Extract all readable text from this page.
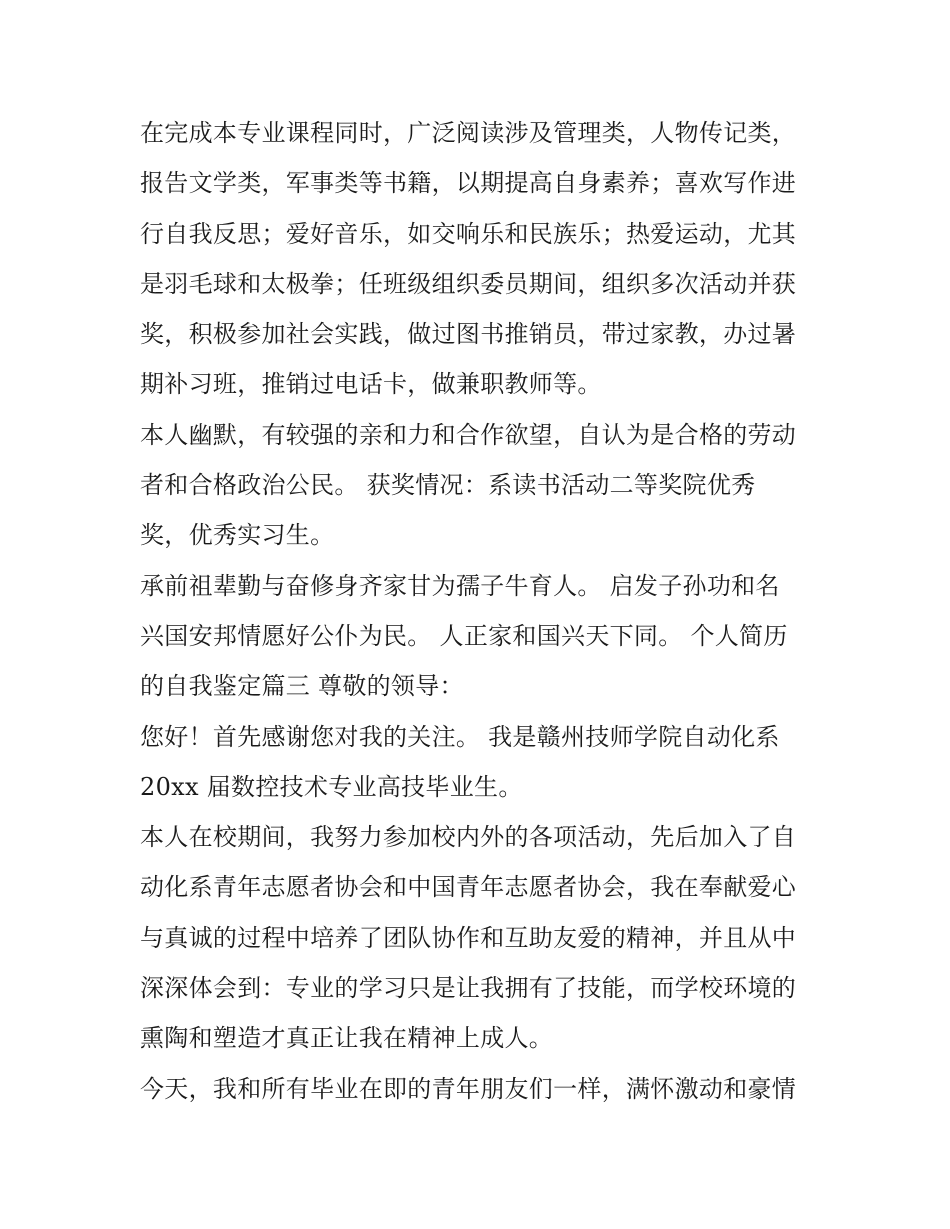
在完成本专业课程同时，广泛阅读涉及管理类，人物传记类，
报告文学类，军事类等书籍，以期提高自身素养；喜欢写作进
行自我反思；爱好音乐，如交响乐和民族乐；热爱运动，尤其
是羽毛球和太极拳；任班级组织委员期间，组织多次活动并获
奖，积极参加社会实践，做过图书推销员，带过家教，办过暑
期补习班，推销过电话卡，做兼职教师等。
本人幽默，有较强的亲和力和合作欲望，自认为是合格的劳动
者和合格政治公民。 获奖情况：系读书活动二等奖院优秀
奖，优秀实习生。
承前祖辈勤与奋修身齐家甘为孺子牛育人。 启发子孙功和名
兴国安邦情愿好公仆为民。 人正家和国兴天下同。 个人简历
的自我鉴定篇三 尊敬的领导：
您好！首先感谢您对我的关注。 我是赣州技师学院自动化系
20xx 届数控技术专业高技毕业生。
本人在校期间，我努力参加校内外的各项活动，先后加入了自
动化系青年志愿者协会和中国青年志愿者协会，我在奉献爱心
与真诚的过程中培养了团队协作和互助友爱的精神，并且从中
深深体会到：专业的学习只是让我拥有了技能，而学校环境的
熏陶和塑造才真正让我在精神上成人。
今天，我和所有毕业在即的青年朋友们一样，满怀激动和豪情
